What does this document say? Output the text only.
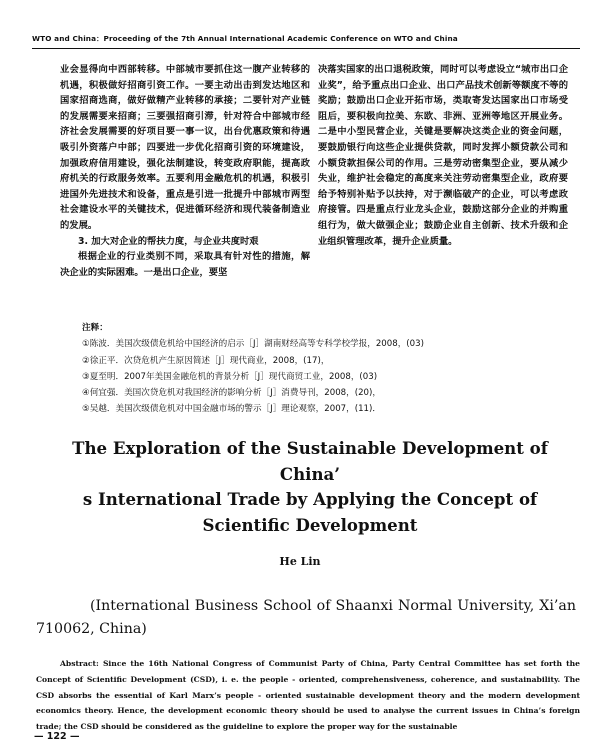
WTO and China：Proceeding of the 7th Annual International Academic Conference on WTO and China

业会显得向中西部转移。中部城市要抓住这一腹产业转移的机遇，积极做好招商引资工作。一要主动出击到发达地区和国家招商选商，做好做精产业转移的承接；二要针对产业链的发展需要来招商；三要强招商引滞，针对符合中部城市经济社会发展需要的好项目要一事一议，出台优惠政策和待遇吸引外资落户中部；四要进一步优化招商引资的环境建设，加强政府信用建设，强化法制建设，转变政府职能，提高政府机关的行政服务效率。五要利用金融危机的机遇，积极引进国外先进技术和设备，重点是引进一批提升中部城市两型社会建设水平的关键技术，促进循环经济和现代装备制造业的发展。

3. 加大对企业的帮扶力度，与企业共度时艰

根据企业的行业类别不同，采取具有针对性的措施，解决企业的实际困难。一是出口企业，要坚

决落实国家的出口退税政策，同时可以考虑设立“城市出口企业奖”，给予重点出口企业、出口产品技术创新等额度不等的奖励；鼓励出口企业开拓市场，类取寄发达国家出口市场受阻后，要积极向拉美、东欧、非洲、亚洲等地区开展业务。二是中小型民营企业，关键是要解决这类企业的资金问题，要鼓励银行向这些企业提供贷款，同时发挥小额贷款公司和小额贷款担保公司的作用。三是劳动密集型企业，要从减少失业，维护社会稳定的高度来关注劳动密集型企业，政府要给予特别补贴予以扶持，对于濒临破产的企业，可以考虑政府接管。四是重点行业龙头企业，鼓励这部分企业的并购重组行为，做大做强企业；鼓励企业自主创新、技术升级和企业组织管理改革，提升企业质量。

注释：
①陈波．美国次级债危机给中国经济的启示［J］湖南财经高等专科学校学报，2008，(03)
②徐正平．次贷危机产生原因简述［J］现代商业，2008，(17)，
③夏至明．2007年美国金融危机的背景分析［J］现代商贸工业，2008，(03)
④何宜强．美国次贷危机对我国经济的影响分析［J］消费导刊，2008，(20)，
⑤吴越．美国次级债危机对中国金融市场的警示［J］理论观察，2007，(11)．
The Exploration of the Sustainable Development of China’
s International Trade by Applying the Concept of
Scientific Development
He Lin
(International Business School of Shaanxi Normal University, Xi’an 710062, China)
Abstract: Since the 16th National Congress of Communist Party of China, Party Central Committee has set forth the Concept of Scientific Development (CSD), i. e. the people - oriented, comprehensiveness, coherence, and sustainability. The CSD absorbs the essential of Karl Marx’s people - oriented sustainable development theory and the modern development economics theory. Hence, the development economic theory should be used to analyse the current issues in China’s foreign trade; the CSD should be considered as the guideline to explore the proper way for the sustainable
— 122 —
